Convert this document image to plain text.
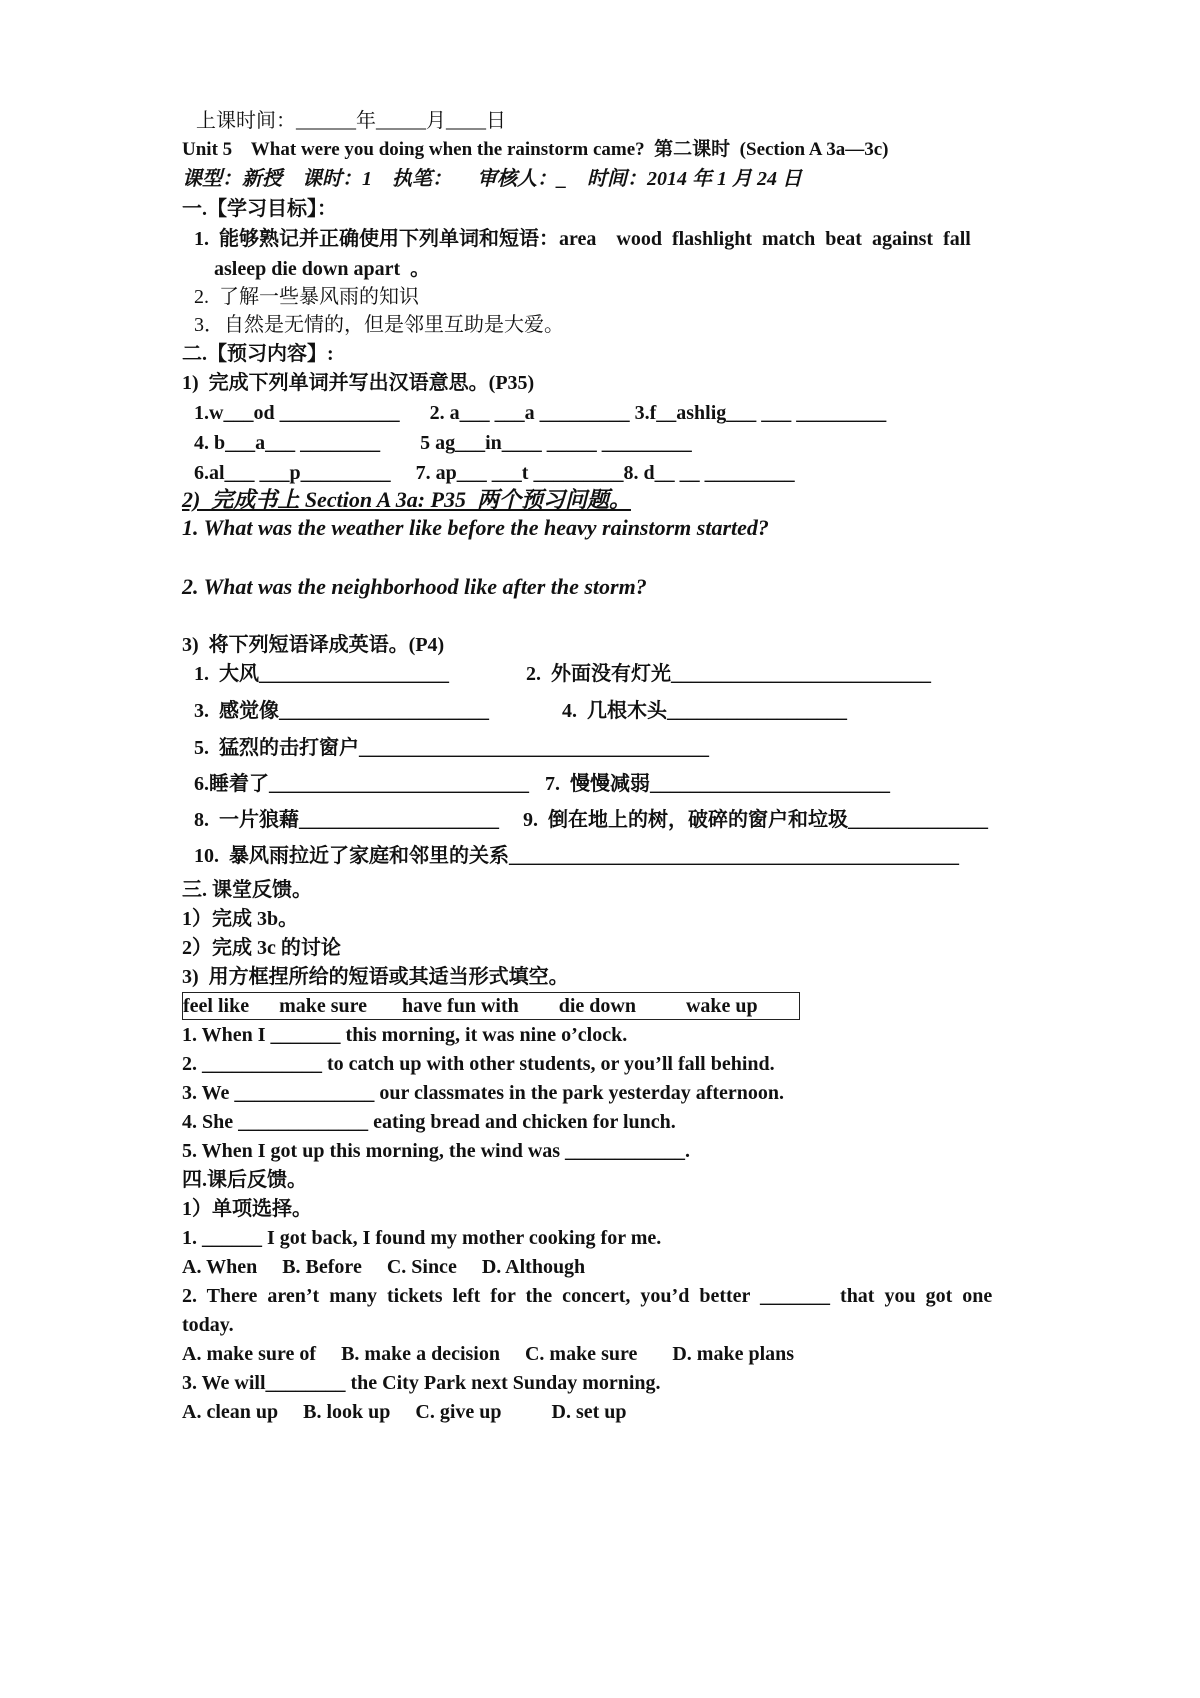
上课时间：______年_____月____日
Unit 5    What were you doing when the rainstorm came?  第二课时  (Section A 3a—3c)
课型：新授    课时：1    执笔：     审核人：_    时间：2014 年 1 月 24 日
一.【学习目标】：
1.  能够熟记并正确使用下列单词和短语：area    wood  flashlight  match  beat  against  fall
asleep die down apart  。
2.  了解一些暴风雨的知识
3．自然是无情的，但是邻里互助是大爱。
二.【预习内容】:
1)  完成下列单词并写出汉语意思。(P35)
1.w___od ____________      2. a___ ___a _________ 3.f__ashlig___ ___ _________
4. b___a___ ________        5 ag___in____ _____ _________
6.al___ ___p_________     7. ap___ ___t _________8. d__ __ _________
2)  完成书上 Section A 3a: P35  两个预习问题。
1. What was the weather like before the heavy rainstorm started?
2. What was the neighborhood like after the storm?
3)  将下列短语译成英语。(P4)
1.  大风___________________	2.  外面没有灯光__________________________
3.  感觉像_____________________	4.  几根木头__________________
5.  猛烈的击打窗户___________________________________
6.睡着了__________________________ 7.  慢慢减弱________________________
8.  一片狼藉____________________ 9.  倒在地上的树，破碎的窗户和垃圾______________
10.  暴风雨拉近了家庭和邻里的关系_____________________________________________
三. 课堂反馈。
1）完成 3b。
2）完成 3c 的讨论
3)  用方框捏所给的短语或其适当形式填空。
feel like      make sure       have fun with        die down          wake up
1. When I _______ this morning, it was nine o’clock.
2. ____________ to catch up with other students, or you’ll fall behind.
3. We ______________ our classmates in the park yesterday afternoon.
4. She _____________ eating bread and chicken for lunch.
5. When I got up this morning, the wind was ____________.
四.课后反馈。
1）单项选择。
1. ______ I got back, I found my mother cooking for me.
A. When     B. Before     C. Since     D. Although
2.  There  aren’t  many  tickets  left  for  the  concert,  you’d  better  _______  that  you  got  one
today.
A. make sure of     B. make a decision     C. make sure       D. make plans
3. We will________ the City Park next Sunday morning.
A. clean up     B. look up     C. give up          D. set up
